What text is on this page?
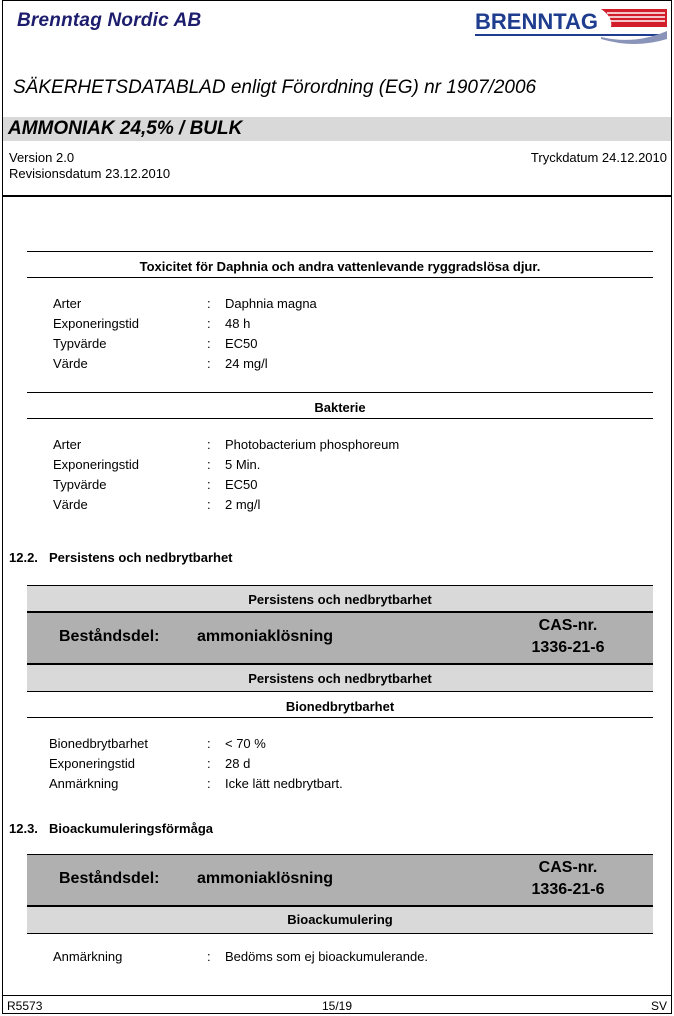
Brenntag Nordic AB	BRENNTAG
SÄKERHETSDATABLAD enligt Förordning (EG) nr 1907/2006
AMMONIAK 24,5% / BULK
Version 2.0
Revisionsdatum 23.12.2010
Tryckdatum 24.12.2010
Toxicitet för Daphnia och andra vattenlevande ryggradslösa djur.
Arter	: Daphnia magna
Exponeringstid	: 48 h
Typvärde	: EC50
Värde	: 24 mg/l
Bakterie
Arter	: Photobacterium phosphoreum
Exponeringstid	: 5 Min.
Typvärde	: EC50
Värde	: 2 mg/l
12.2. Persistens och nedbrytbarhet
Persistens och nedbrytbarhet
Beståndsdel: ammoniaklösning
CAS-nr.
1336-21-6
Persistens och nedbrytbarhet
Bionedbrytbarhet
Bionedbrytbarhet	: < 70 %
Exponeringstid	: 28 d
Anmärkning	: Icke lätt nedbrytbart.
12.3. Bioackumuleringsförmåga
Beståndsdel: ammoniaklösning
CAS-nr.
1336-21-6
Bioackumulering
Anmärkning	: Bedöms som ej bioackumulerande.
R5573	15/19	SV
